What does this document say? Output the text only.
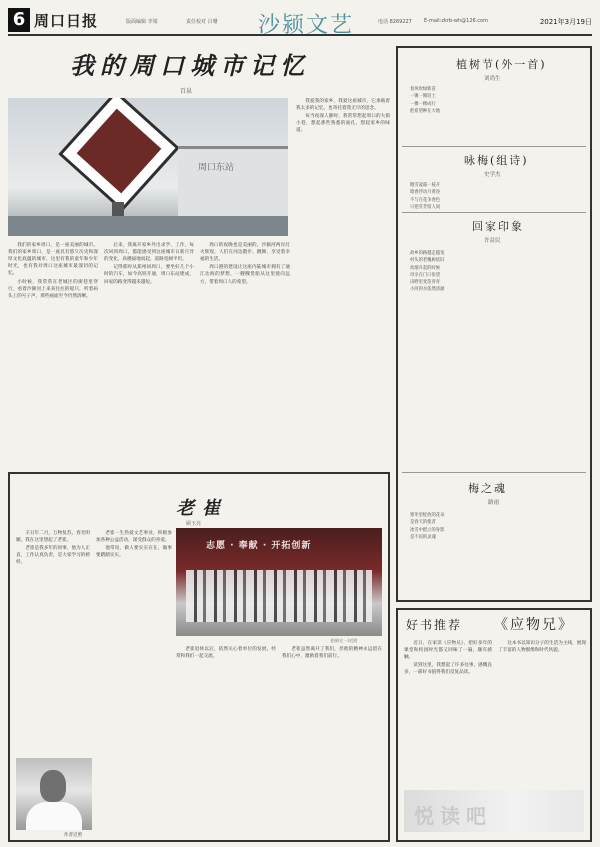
6 周口日报	版面编辑 李梁	责任校对 吕珊 沙颍文艺	电话 8269227 E-mail:zkrb-wh@126.com	2021年3月19日
我的周口城市记忆
百泉
周口东站

我爱我的家乡，我爱这座城市，它承载着我太多的记忆，也寄托着我无尽的思念。

每当夜深人静时，我常常想起周口的大街小巷，想起那些熟悉的面孔，想起家乡的味道。

我们的家乡周口，是一座美丽的城市。我们的家乡周口，是一座具有悠久历史和深厚文化底蕴的城市，这里有我的童年和少年时光，也有我对周口这座城市最深切的记忆。

小时候，我常常在老城区的街巷里穿行，看着沙颍河上来来往往的船只，听着码头上的号子声，那些画面至今仍然清晰。

后来，我离开家乡外出求学、工作，每次回到周口，都能感受到这座城市日新月异的变化，高楼拔地而起，道路宽阔平坦。

记得那时从郑州回周口，要坐好几个小时的汽车，如今高铁开通，周口东站建成，回家的路变得越来越短。

周口的夜晚也是美丽的，沙颍河两岸灯火辉煌，人们在河边散步、跳舞，享受着幸福的生活。

周口港的建设让这座内陆城市拥有了通江达海的梦想，一艘艘货船从这里驶向远方，带着周口人的希望。

植树节(外一首)
刘尚生
春风吹绿新苗
一锹一锹培土
一棵一棵成行
把希望种在大地
咏梅(组诗)
史学杰
傲雪凌霜一枝开
暗香浮动月黄昏
不与百花争春色
只把芬芳留人间
回家印象
许益民
故乡的路越走越宽
村头的老槐树依旧
炊烟升起的时候
母亲在门口张望
田野里麦苗青青
小河的水依然清澈
梅之魂
路雨
寒冬里绽放的花朵
是春天的使者
冰雪中挺立的身影
是不屈的灵魂
老崔
顾玉亮

辛丑年二月，万物复苏，春光明媚。我在这里想起了老崔。

老崔是我多年的同事，他为人正直，工作认真负责，是大家学习的榜样。

老崔一生热爱文艺事业，积极参加各种公益活动，深受群众的喜爱。

他常说，做人要实实在在，做事要踏踏实实。

志愿 · 奉献 · 开拓创新
老崔(左一)近照

老崔退休以后，依然关心着单位的发展，经常和我们一起交流。

老崔虽然离开了我们，但他的精神永远留在我们心中，激励着我们前行。

作者近照
好书推荐 《应物兄》

近日，在家读《应物兄》，把好多年的课堂和校园时光都又回味了一遍，颇有感触。

读到这里，我想起了许多往事，感慨良多，一部好书值得我们反复品读。

这本书以知识分子的生活为主线，展现了丰富的人物群像和时代风貌。

悦读吧
